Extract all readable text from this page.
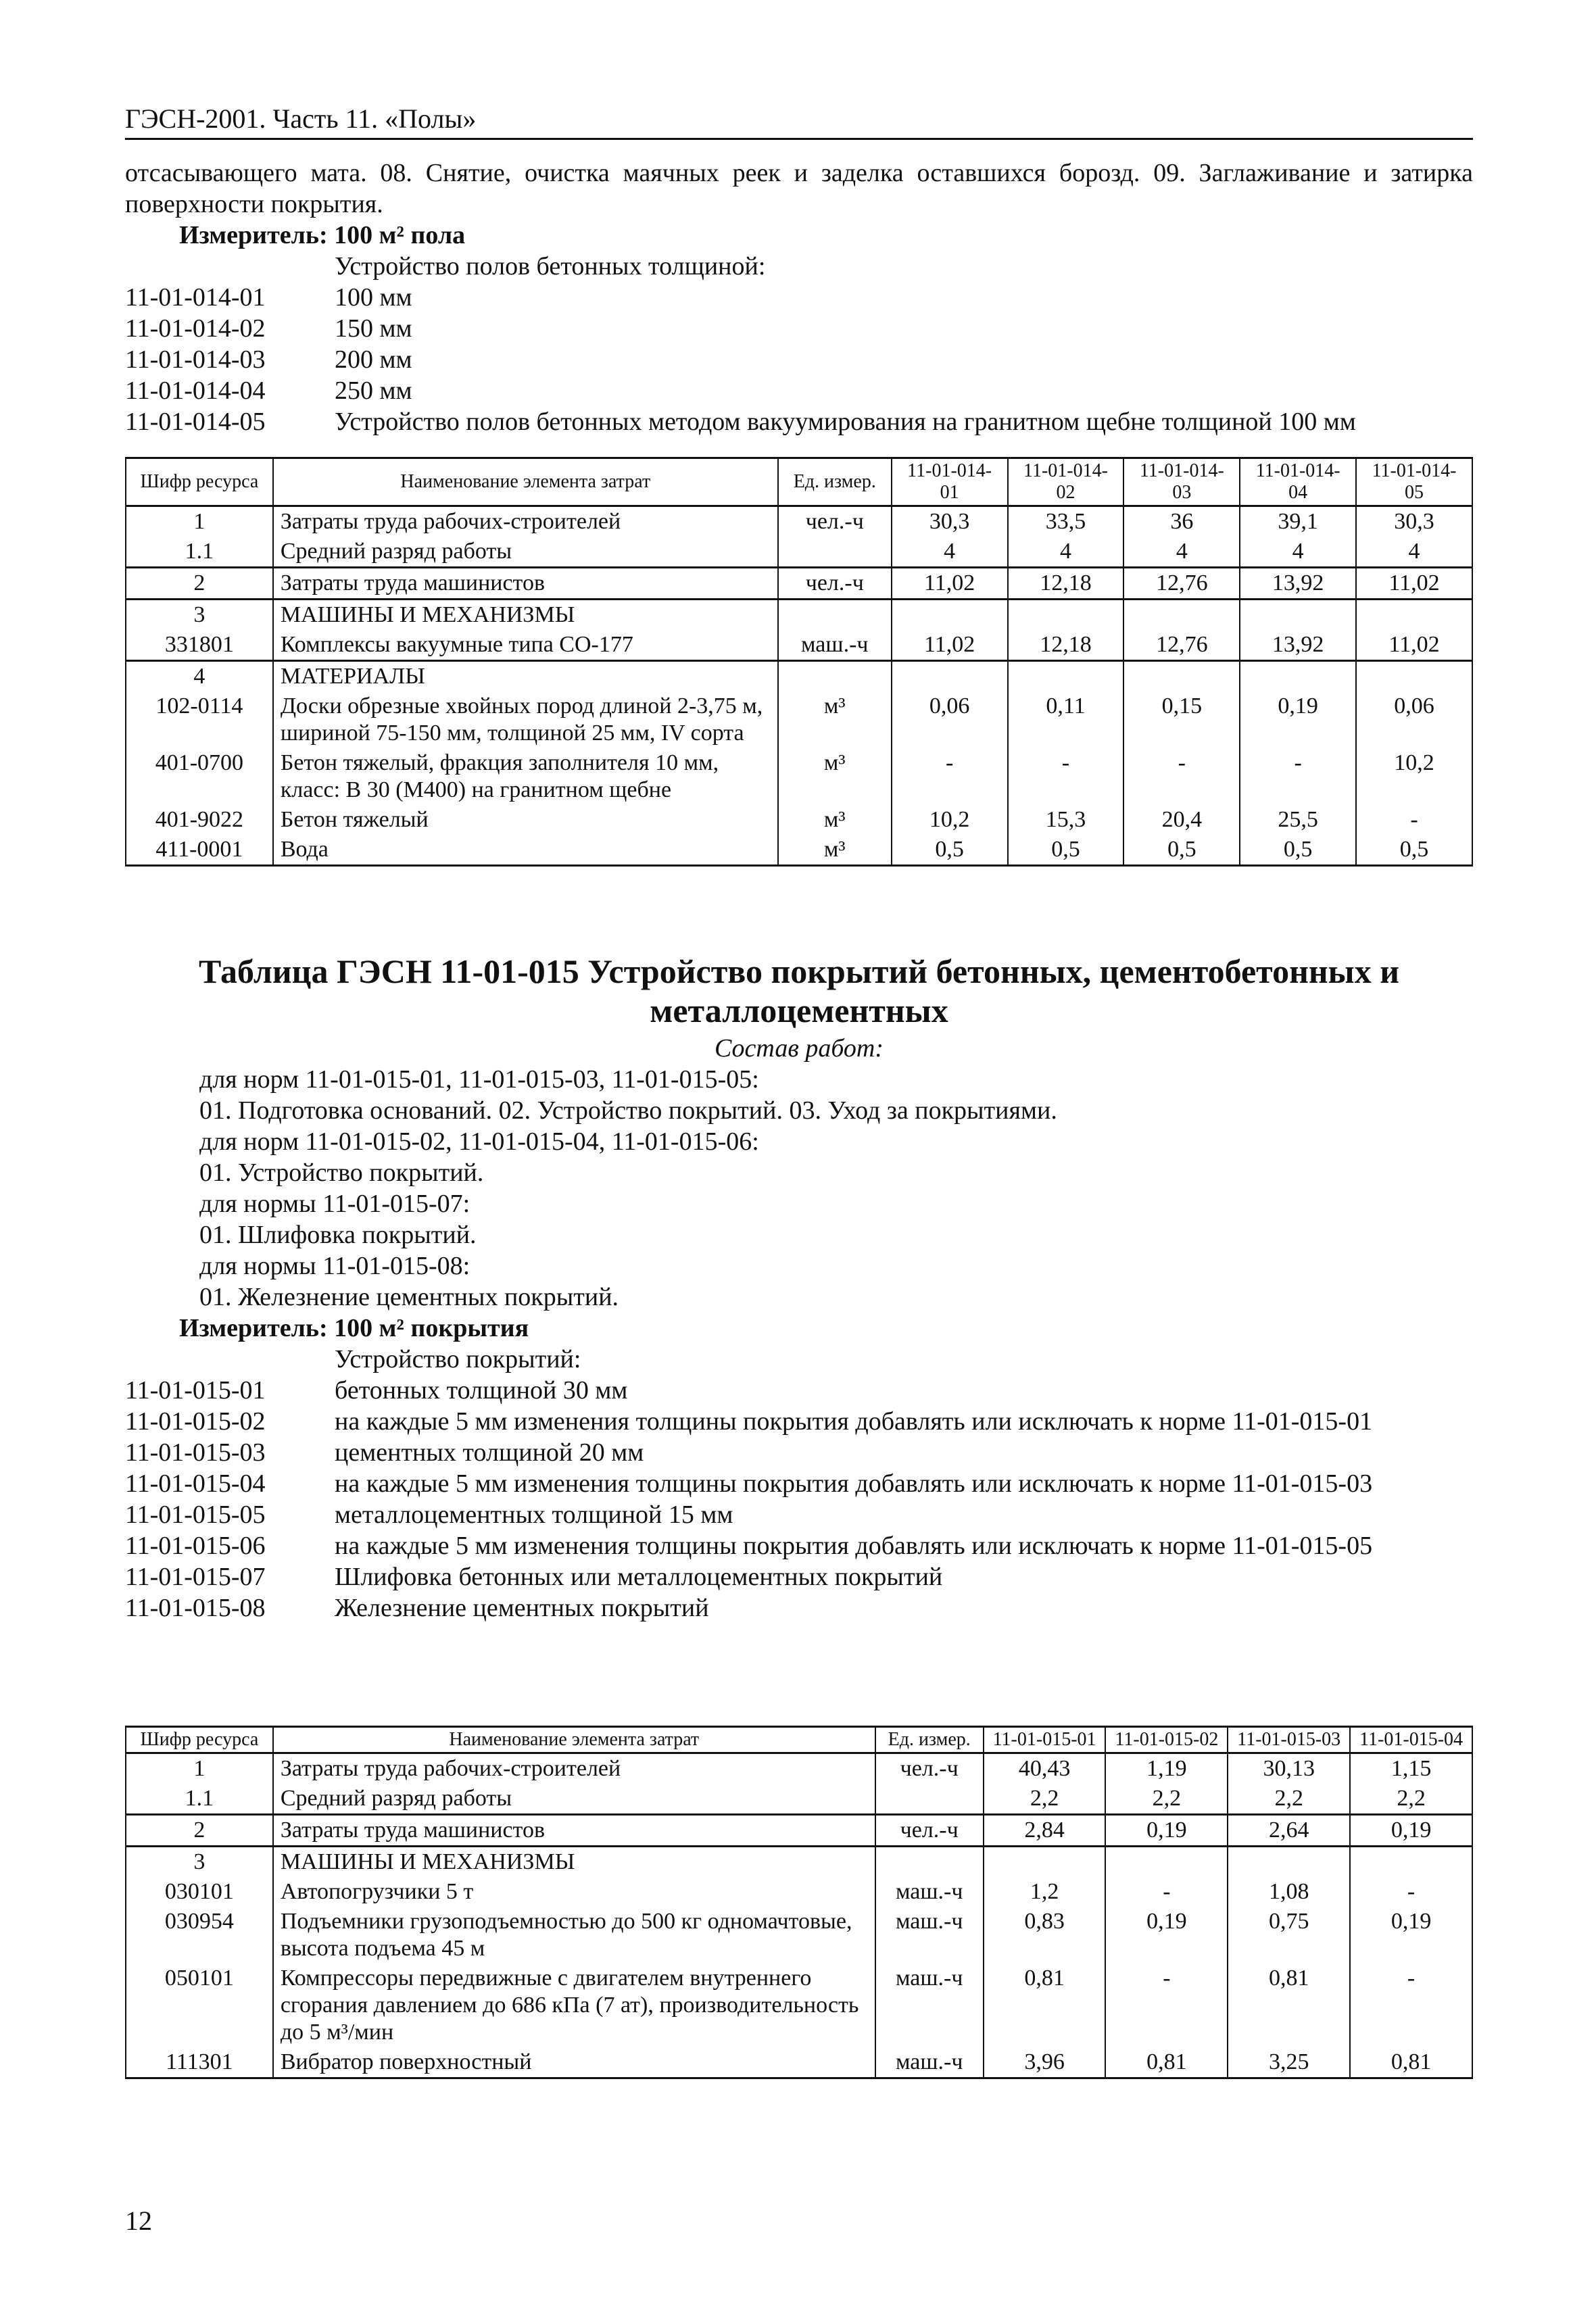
ГЭСН-2001. Часть 11. «Полы»
отсасывающего мата. 08. Снятие, очистка маячных реек и заделка оставшихся борозд. 09. Заглаживание и затирка поверхности покрытия.
Измеритель: 100 м² пола
Устройство полов бетонных толщиной:
11-01-014-01	100 мм
11-01-014-02	150 мм
11-01-014-03	200 мм
11-01-014-04	250 мм
11-01-014-05	Устройство полов бетонных методом вакуумирования на гранитном щебне толщиной 100 мм
Шифр ресурса	Наименование элемента затрат	Ед. измер.	11-01-014-01	11-01-014-02	11-01-014-03	11-01-014-04	11-01-014-05
1	Затраты труда рабочих-строителей	чел.-ч	30,3	33,5	36	39,1	30,3
1.1	Средний разряд работы		4	4	4	4	4
2	Затраты труда машинистов	чел.-ч	11,02	12,18	12,76	13,92	11,02
3	МАШИНЫ И МЕХАНИЗМЫ						
331801	Комплексы вакуумные типа СО-177	маш.-ч	11,02	12,18	12,76	13,92	11,02
4	МАТЕРИАЛЫ						
102-0114	Доски обрезные хвойных пород длиной 2-3,75 м, шириной 75-150 мм, толщиной 25 мм, IV сорта	м³	0,06	0,11	0,15	0,19	0,06
401-0700	Бетон тяжелый, фракция заполнителя 10 мм, класс: В 30 (М400) на гранитном щебне	м³	-	-	-	-	10,2
401-9022	Бетон тяжелый	м³	10,2	15,3	20,4	25,5	-
411-0001	Вода	м³	0,5	0,5	0,5	0,5	0,5
Таблица ГЭСН 11-01-015 Устройство покрытий бетонных, цементобетонных и
металлоцементных
Состав работ:
для норм 11-01-015-01, 11-01-015-03, 11-01-015-05:
01. Подготовка оснований. 02. Устройство покрытий. 03. Уход за покрытиями.
для норм 11-01-015-02, 11-01-015-04, 11-01-015-06:
01. Устройство покрытий.
для нормы 11-01-015-07:
01. Шлифовка покрытий.
для нормы 11-01-015-08:
01. Железнение цементных покрытий.
Измеритель: 100 м² покрытия
Устройство покрытий:
11-01-015-01	бетонных толщиной 30 мм
11-01-015-02	на каждые 5 мм изменения толщины покрытия добавлять или исключать к норме 11-01-015-01
11-01-015-03	цементных толщиной 20 мм
11-01-015-04	на каждые 5 мм изменения толщины покрытия добавлять или исключать к норме 11-01-015-03
11-01-015-05	металлоцементных толщиной 15 мм
11-01-015-06	на каждые 5 мм изменения толщины покрытия добавлять или исключать к норме 11-01-015-05
11-01-015-07	Шлифовка бетонных или металлоцементных покрытий
11-01-015-08	Железнение цементных покрытий
Шифр ресурса	Наименование элемента затрат	Ед. измер.	11-01-015-01	11-01-015-02	11-01-015-03	11-01-015-04
1	Затраты труда рабочих-строителей	чел.-ч	40,43	1,19	30,13	1,15
1.1	Средний разряд работы		2,2	2,2	2,2	2,2
2	Затраты труда машинистов	чел.-ч	2,84	0,19	2,64	0,19
3	МАШИНЫ И МЕХАНИЗМЫ					
030101	Автопогрузчики 5 т	маш.-ч	1,2	-	1,08	-
030954	Подъемники грузоподъемностью до 500 кг одномачтовые, высота подъема 45 м	маш.-ч	0,83	0,19	0,75	0,19
050101	Компрессоры передвижные с двигателем внутреннего сгорания давлением до 686 кПа (7 ат), производительность до 5 м³/мин	маш.-ч	0,81	-	0,81	-
111301	Вибратор поверхностный	маш.-ч	3,96	0,81	3,25	0,81
12
